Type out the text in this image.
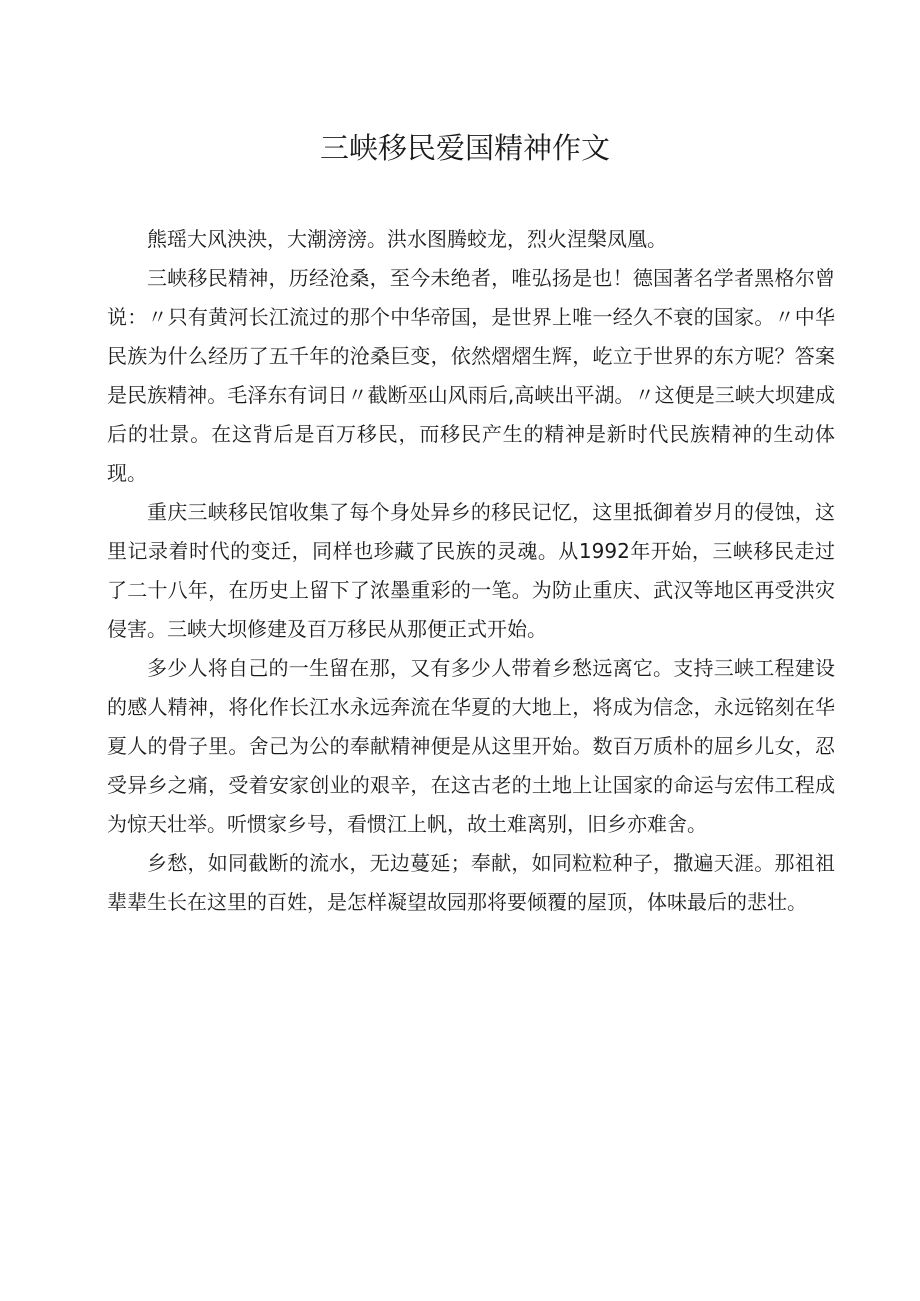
三峡移民爱国精神作文

熊瑶大风泱泱，大潮滂滂。洪水图腾蛟龙，烈火涅槃凤凰。

三峡移民精神，历经沧桑，至今未绝者，唯弘扬是也！德国著名学者黑格尔曾说：〃只有黄河长江流过的那个中华帝国，是世界上唯一经久不衰的国家。〃中华民族为什么经历了五千年的沧桑巨变，依然熠熠生辉，屹立于世界的东方呢？答案是民族精神。毛泽东有词日〃截断巫山风雨后,高峡出平湖。〃这便是三峡大坝建成后的壮景。在这背后是百万移民，而移民产生的精神是新时代民族精神的生动体现。

重庆三峡移民馆收集了每个身处异乡的移民记忆，这里抵御着岁月的侵蚀，这里记录着时代的变迁，同样也珍藏了民族的灵魂。从1992年开始，三峡移民走过了二十八年，在历史上留下了浓墨重彩的一笔。为防止重庆、武汉等地区再受洪灾侵害。三峡大坝修建及百万移民从那便正式开始。

多少人将自己的一生留在那，又有多少人带着乡愁远离它。支持三峡工程建设的感人精神，将化作长江水永远奔流在华夏的大地上，将成为信念，永远铭刻在华夏人的骨子里。舍己为公的奉献精神便是从这里开始。数百万质朴的屈乡儿女，忍受异乡之痛，受着安家创业的艰辛，在这古老的土地上让国家的命运与宏伟工程成为惊天壮举。听惯家乡号，看惯江上帆，故土难离别，旧乡亦难舍。

乡愁，如同截断的流水，无边蔓延；奉献，如同粒粒种子，撒遍天涯。那祖祖辈辈生长在这里的百姓，是怎样凝望故园那将要倾覆的屋顶，体味最后的悲壮。
